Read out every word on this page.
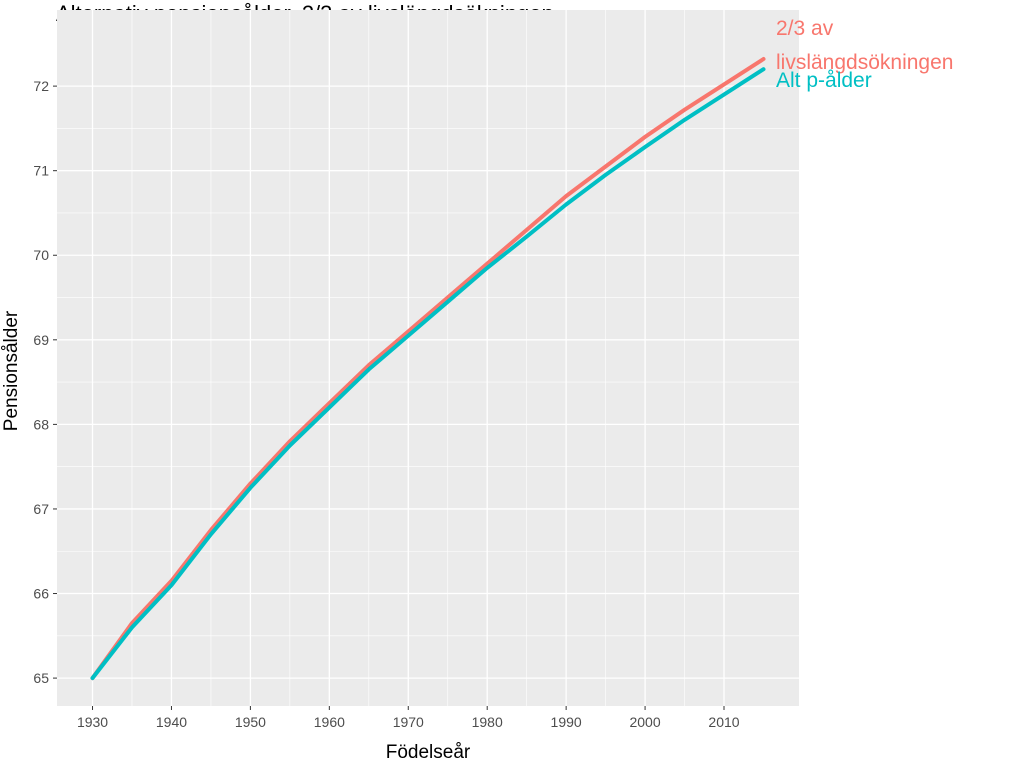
1930	1940	1950	1960	1970	1980	1990	2000	2010
65
66
67
68
69
70
71
72
2/3 av livslängdsökningen
Alt p-ålder
Födelseår
Pensionsålder
